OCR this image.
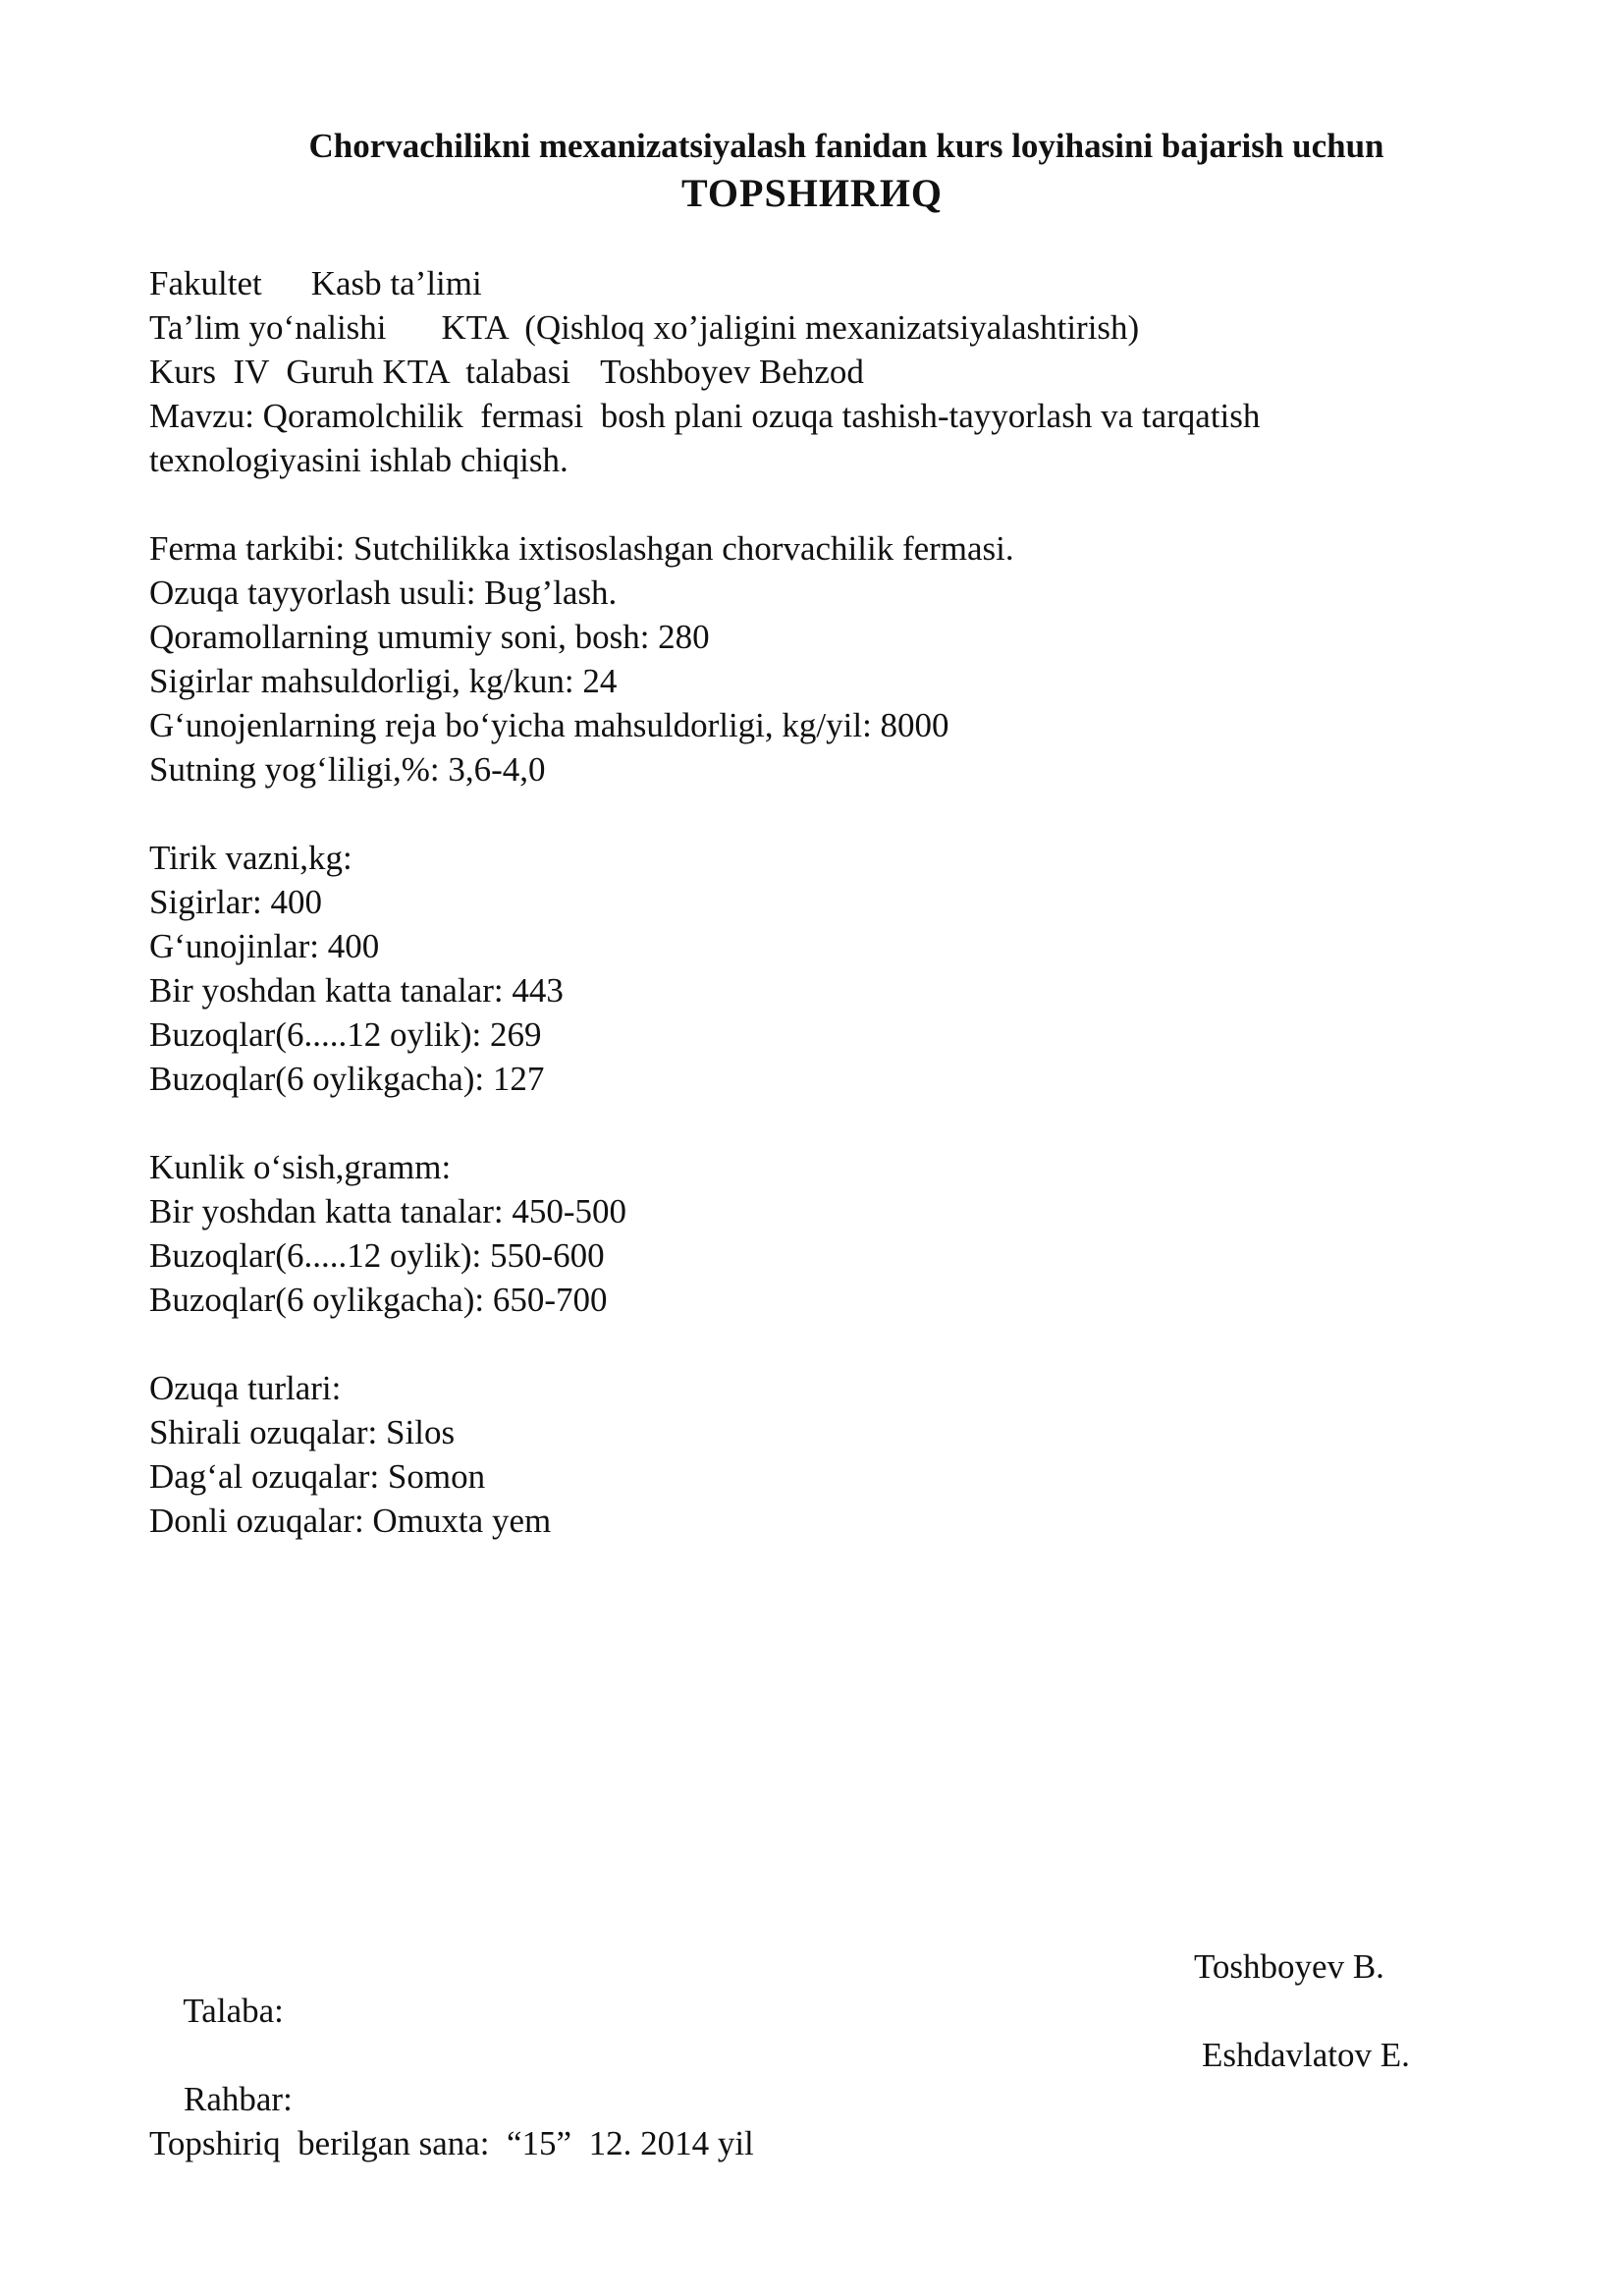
Chorvachilikni mexanizatsiyalash fanidan kurs loyihasini bajarish uchun
TOPSHИRИQ
Fakultet Kasb ta’limi
Ta’lim yo‘nalishi KTA  (Qishloq xo’jaligini mexanizatsiyalashtirish)
Kurs  IV  Guruh KTA  talabasi Toshboyev Behzod
Mavzu: Qoramolchilik  fermasi  bosh plani ozuqa tashish-tayyorlash va tarqatish
texnologiyasini ishlab chiqish.
Ferma tarkibi: Sutchilikka ixtisoslashgan chorvachilik fermasi.
Ozuqa tayyorlash usuli: Bug’lash.
Qoramollarning umumiy soni, bosh: 280
Sigirlar mahsuldorligi, kg/kun: 24
G‘unojenlarning reja bo‘yicha mahsuldorligi, kg/yil: 8000
Sutning yog‘liligi,%: 3,6-4,0
Tirik vazni,kg:
Sigirlar: 400
G‘unojinlar: 400
Bir yoshdan katta tanalar: 443
Buzoqlar(6.....12 oylik): 269
Buzoqlar(6 oylikgacha): 127
Kunlik o‘sish,gramm:
Bir yoshdan katta tanalar: 450-500
Buzoqlar(6.....12 oylik): 550-600
Buzoqlar(6 oylikgacha): 650-700
Ozuqa turlari:
Shirali ozuqalar: Silos
Dag‘al ozuqalar: Somon
Donli ozuqalar: Omuxta yem

Talaba:

Toshboyev B.

Rahbar:

Eshdavlatov E.

Topshiriq  berilgan sana:  “15”  12. 2014 yil
